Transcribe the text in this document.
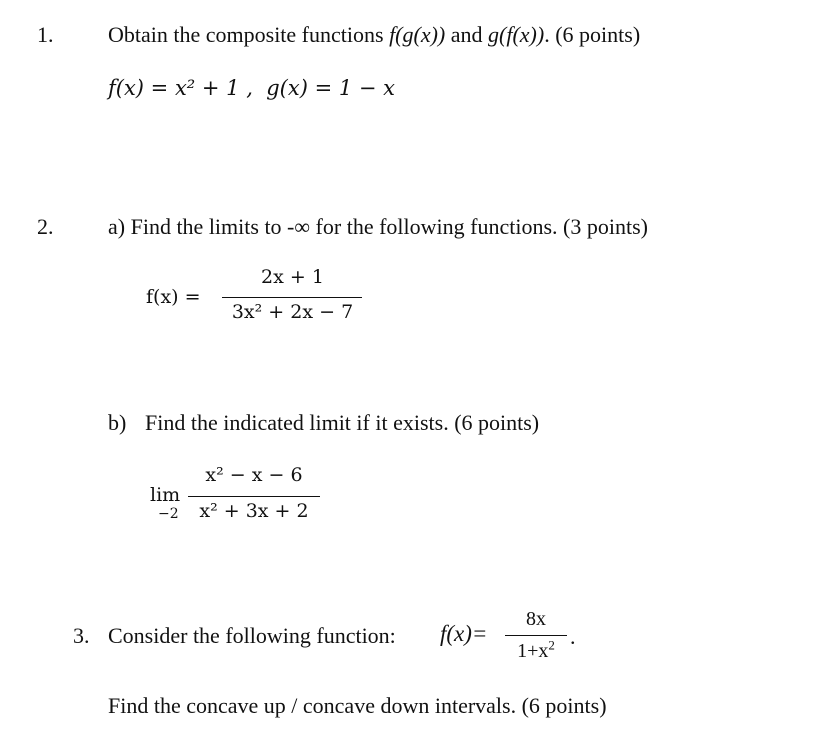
1. Obtain the composite functions f(g(x)) and g(f(x)). (6 points)
f(x) = x² + 1 , g(x) = 1 − x
2. a) Find the limits to -∞ for the following functions. (3 points)
f(x) =
2x + 1
3x² + 2x − 7
b) Find the indicated limit if it exists. (6 points)
lim
−2
x² − x − 6
x² + 3x + 2
3. Consider the following function: f(x)=
8x
$1+x^2$ .
Find the concave up / concave down intervals. (6 points)
